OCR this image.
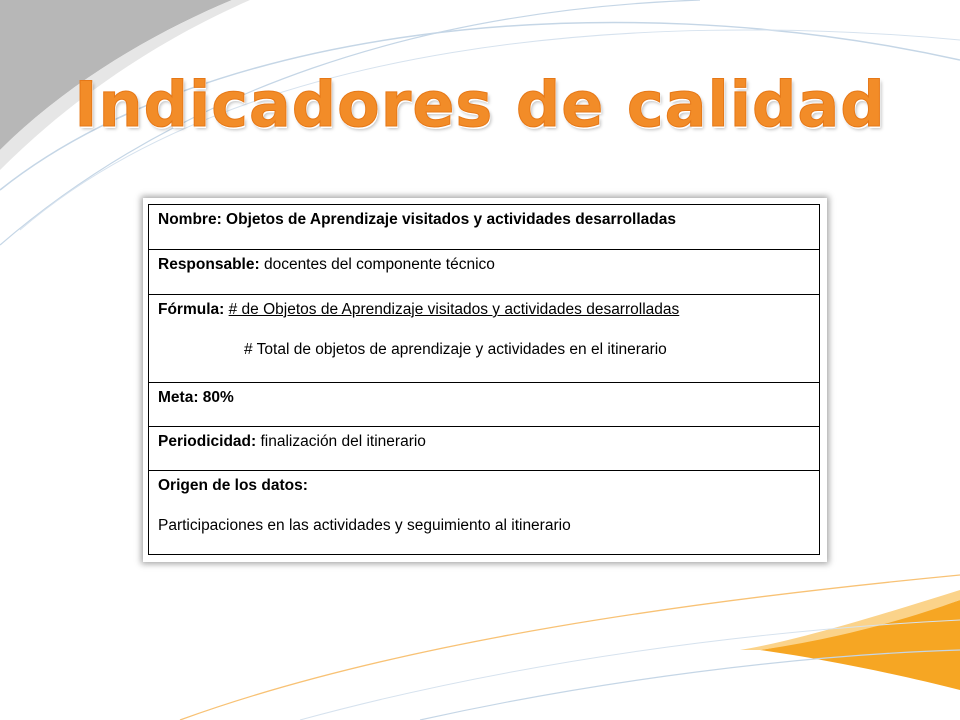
Indicadores de calidad
Nombre: Objetos de Aprendizaje visitados y actividades desarrolladas
Responsable: docentes del componente técnico
Fórmula: # de Objetos de Aprendizaje visitados y actividades desarrolladas
# Total de objetos de aprendizaje y actividades en el itinerario
Meta: 80%
Periodicidad: finalización del itinerario
Origen de los datos:
Participaciones en las actividades y seguimiento al itinerario
